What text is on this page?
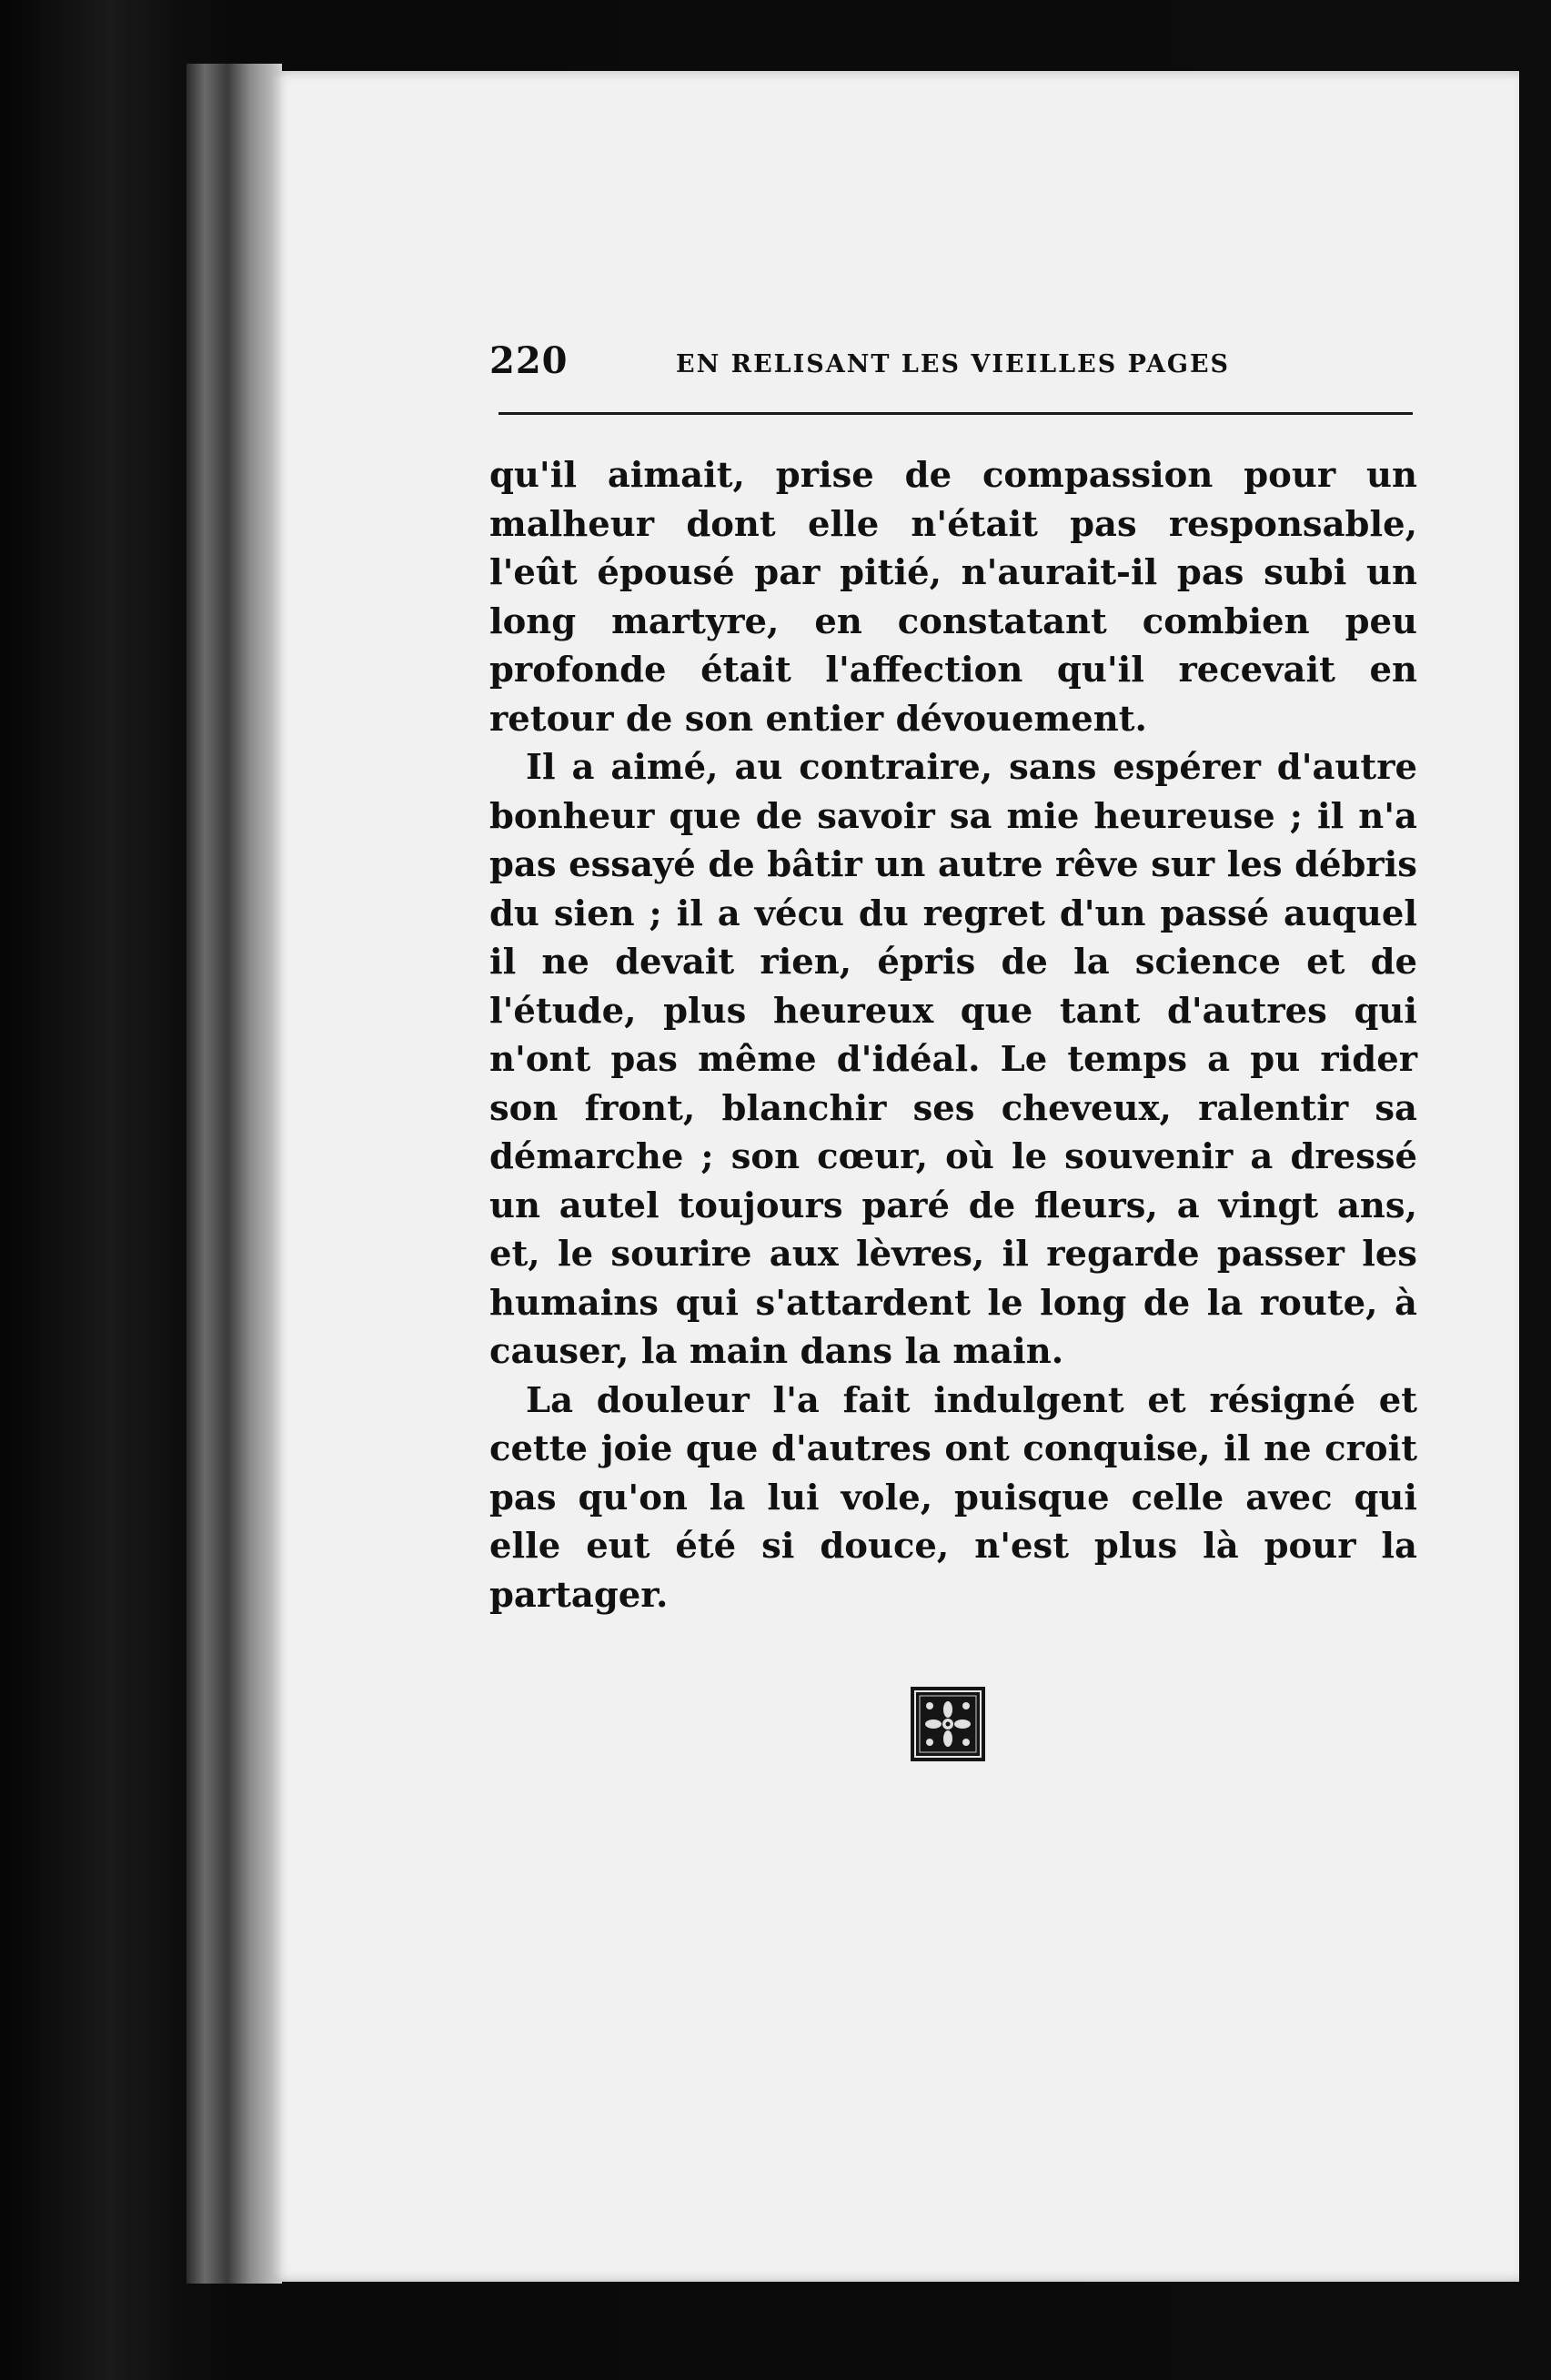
220	EN RELISANT LES VIEILLES PAGES

qu'il aimait, prise de compassion pour un malheur dont elle n'était pas responsable, l'eût épousé par pitié, n'aurait-il pas subi un long martyre, en constatant combien peu profonde était l'affection qu'il recevait en retour de son entier dévouement.

Il a aimé, au contraire, sans espérer d'autre bonheur que de savoir sa mie heureuse ; il n'a pas essayé de bâtir un autre rêve sur les débris du sien ; il a vécu du regret d'un passé auquel il ne devait rien, épris de la science et de l'étude, plus heureux que tant d'autres qui n'ont pas même d'idéal. Le temps a pu rider son front, blanchir ses cheveux, ralentir sa démarche ; son cœur, où le souvenir a dressé un autel toujours paré de fleurs, a vingt ans, et, le sourire aux lèvres, il regarde passer les humains qui s'attardent le long de la route, à causer, la main dans la main.

La douleur l'a fait indulgent et résigné et cette joie que d'autres ont conquise, il ne croit pas qu'on la lui vole, puisque celle avec qui elle eut été si douce, n'est plus là pour la partager.
